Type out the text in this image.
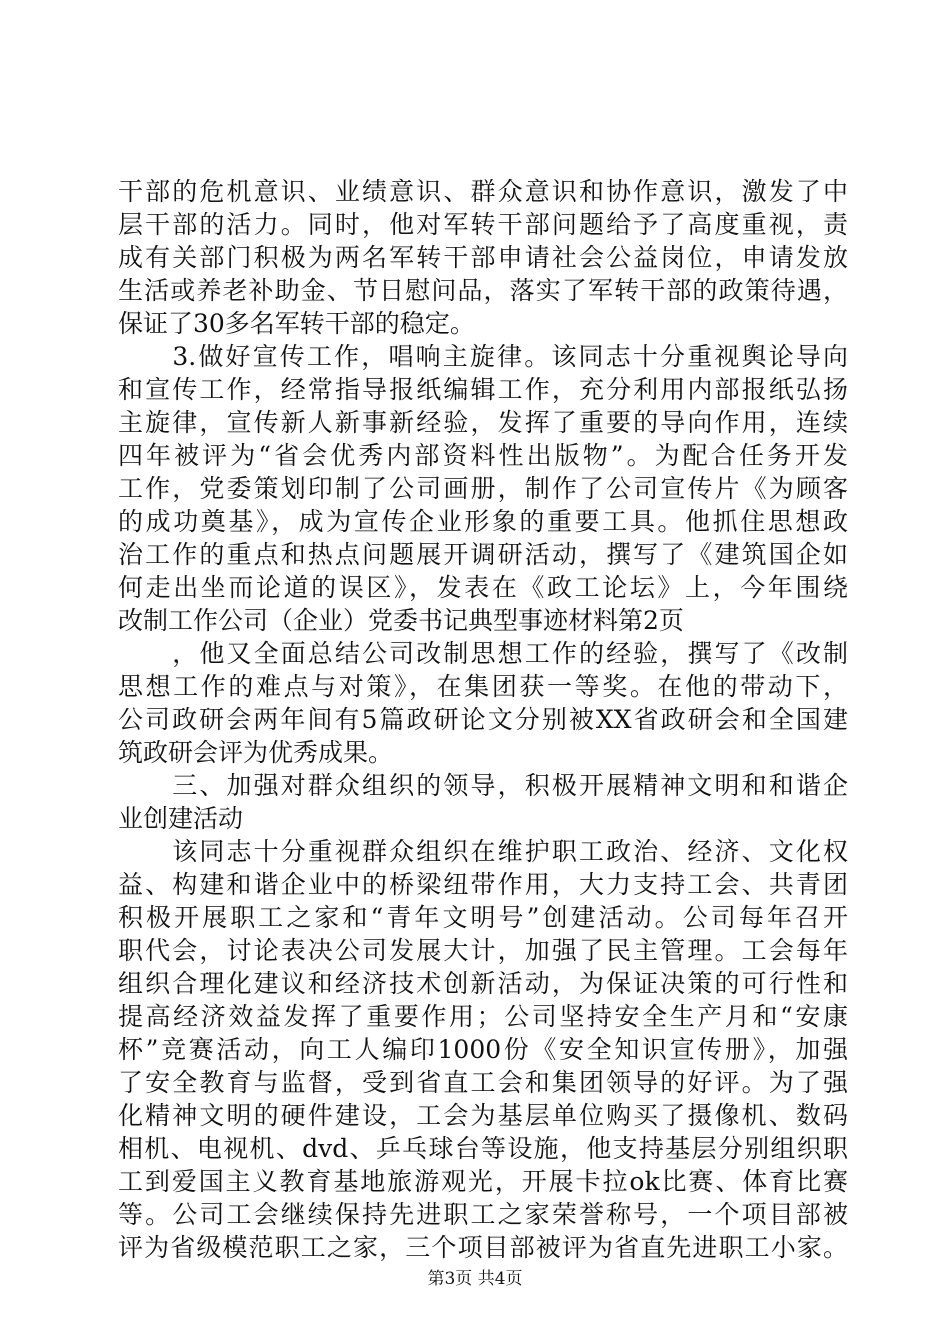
干部的危机意识、业绩意识、群众意识和协作意识，激发了中
层干部的活力。同时，他对军转干部问题给予了高度重视，责
成有关部门积极为两名军转干部申请社会公益岗位，申请发放
生活或养老补助金、节日慰问品，落实了军转干部的政策待遇，
保证了30多名军转干部的稳定。
　　3.做好宣传工作，唱响主旋律。该同志十分重视舆论导向
和宣传工作，经常指导报纸编辑工作，充分利用内部报纸弘扬
主旋律，宣传新人新事新经验，发挥了重要的导向作用，连续
四年被评为“省会优秀内部资料性出版物”。为配合任务开发
工作，党委策划印制了公司画册，制作了公司宣传片《为顾客
的成功奠基》，成为宣传企业形象的重要工具。他抓住思想政
治工作的重点和热点问题展开调研活动，撰写了《建筑国企如
何走出坐而论道的误区》，发表在《政工论坛》上，今年围绕
改制工作公司（企业）党委书记典型事迹材料第2页
　　，他又全面总结公司改制思想工作的经验，撰写了《改制
思想工作的难点与对策》，在集团获一等奖。在他的带动下，
公司政研会两年间有5篇政研论文分别被XX省政研会和全国建
筑政研会评为优秀成果。
　　三、加强对群众组织的领导，积极开展精神文明和和谐企
业创建活动
　　该同志十分重视群众组织在维护职工政治、经济、文化权
益、构建和谐企业中的桥梁纽带作用，大力支持工会、共青团
积极开展职工之家和“青年文明号”创建活动。公司每年召开
职代会，讨论表决公司发展大计，加强了民主管理。工会每年
组织合理化建议和经济技术创新活动，为保证决策的可行性和
提高经济效益发挥了重要作用；公司坚持安全生产月和“安康
杯”竞赛活动，向工人编印1000份《安全知识宣传册》，加强
了安全教育与监督，受到省直工会和集团领导的好评。为了强
化精神文明的硬件建设，工会为基层单位购买了摄像机、数码
相机、电视机、dvd、乒乓球台等设施，他支持基层分别组织职
工到爱国主义教育基地旅游观光，开展卡拉ok比赛、体育比赛
等。公司工会继续保持先进职工之家荣誉称号，一个项目部被
评为省级模范职工之家，三个项目部被评为省直先进职工小家。
第3页 共4页
